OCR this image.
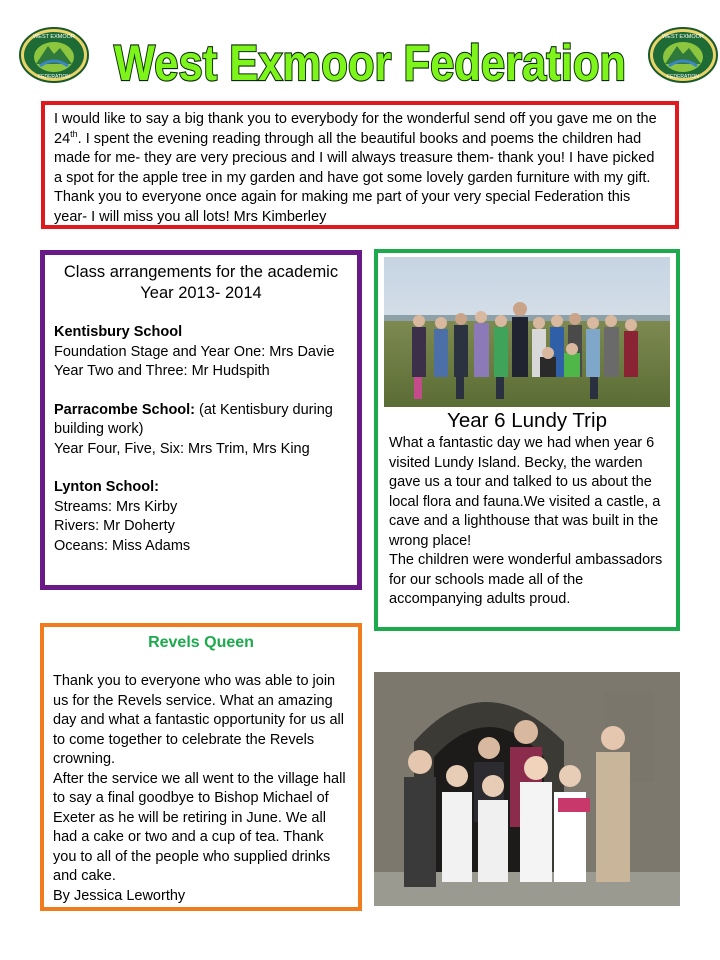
WEST EXMOOR
FEDERATION
WEST EXMOOR
FEDERATION
West Exmoor Federation

I would like to say a big thank you to everybody for the wonderful send off you gave me on the 24th. I spent the evening reading through all the beautiful books and poems the children had made for me- they are very precious and I will always treasure them- thank you! I have picked a spot for the apple tree in my garden and have got some lovely garden furniture with my gift. Thank you to everyone once again for making me part of your very special Federation this year- I will miss you all lots! Mrs Kimberley

Class arrangements for the academic Year 2013- 2014

Kentisbury School

Foundation Stage and Year One: Mrs Davie

Year Two and Three: Mr Hudspith

Parracombe School: (at Kentisbury during building work)

Year Four, Five, Six: Mrs Trim, Mrs King

Lynton School:

Streams: Mrs Kirby

Rivers: Mr Doherty

Oceans: Miss Adams

Year 6 Lundy Trip

What a fantastic day we had when year 6 visited Lundy Island. Becky, the warden gave us a tour and talked to us about the local flora and fauna.We visited a castle, a cave and a lighthouse that was built in the wrong place!

The children were wonderful ambassadors for our schools made all of the accompanying adults proud.

Revels Queen

Thank you to everyone who was able to join us for the Revels service. What an amazing day and what a fantastic opportunity for us all to come together to celebrate the Revels crowning.

After the service we all went to the village hall to say a final goodbye to Bishop Michael of Exeter as he will be retiring in June. We all had a cake or two and a cup of tea. Thank you to all of the people who supplied drinks and cake.

By Jessica Leworthy
